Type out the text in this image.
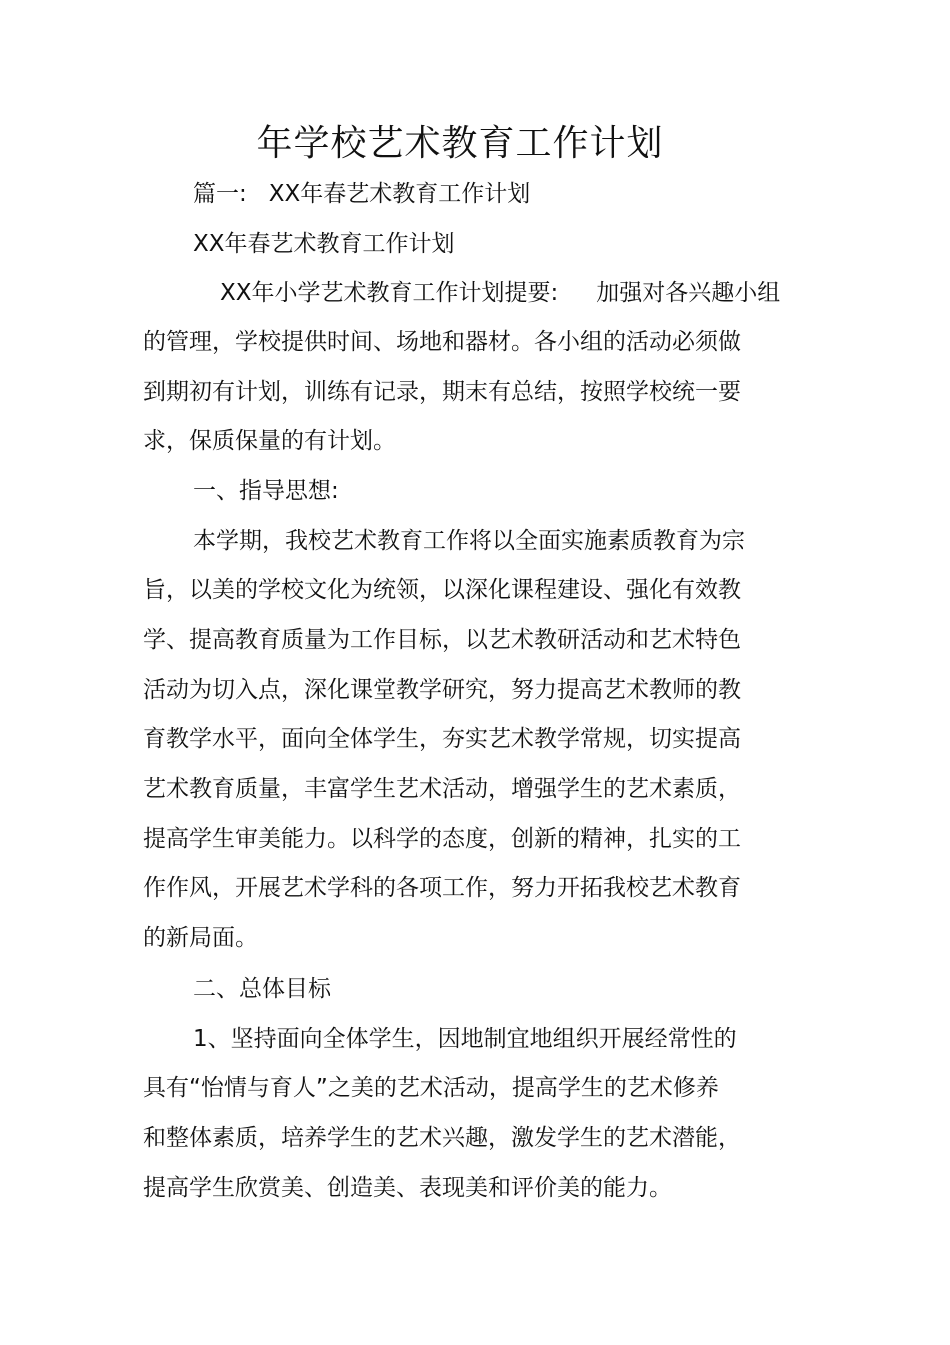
年学校艺术教育工作计划

篇一: XX年春艺术教育工作计划

XX年春艺术教育工作计划

XX年小学艺术教育工作计划提要: 加强对各兴趣小组

的管理，学校提供时间、场地和器材。各小组的活动必须做

到期初有计划，训练有记录，期末有总结，按照学校统一要

求，保质保量的有计划。

一、指导思想:

本学期，我校艺术教育工作将以全面实施素质教育为宗

旨，以美的学校文化为统领，以深化课程建设、强化有效教

学、提高教育质量为工作目标，以艺术教研活动和艺术特色

活动为切入点，深化课堂教学研究，努力提高艺术教师的教

育教学水平，面向全体学生，夯实艺术教学常规，切实提高

艺术教育质量，丰富学生艺术活动，增强学生的艺术素质，

提高学生审美能力。以科学的态度，创新的精神，扎实的工

作作风，开展艺术学科的各项工作，努力开拓我校艺术教育

的新局面。

二、总体目标

1、坚持面向全体学生，因地制宜地组织开展经常性的

具有“怡情与育人”之美的艺术活动，提高学生的艺术修养

和整体素质，培养学生的艺术兴趣，激发学生的艺术潜能，

提高学生欣赏美、创造美、表现美和评价美的能力。
